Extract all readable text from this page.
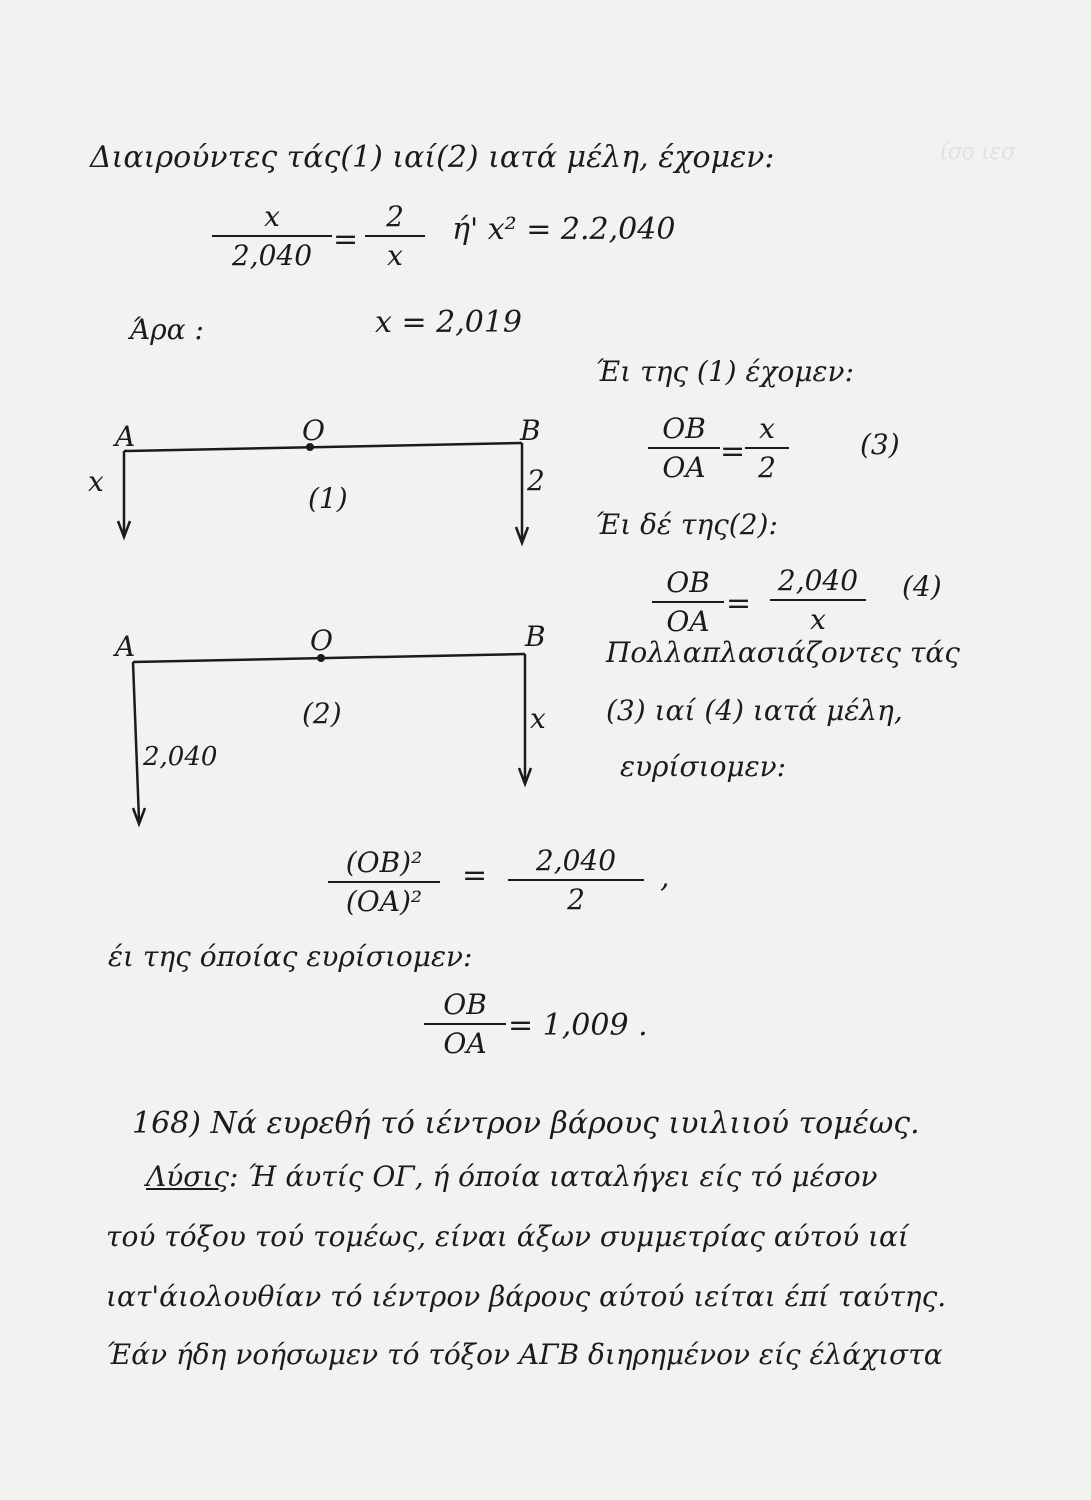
ίσο ιεσ
Διαιρούντες τάς(1) ιαί(2) ιατά μέλη, έχομεν:
$\frac{x}{2,040} = \frac{2}{x} ή'$ x² = 2.2,040
Άρα :	x = 2,019
Έι της (1) έχομεν:
$\frac{OB}{OA} = \frac{x}{2}$	(3)
Έι δέ της(2):
$\frac{OB}{OA} = \frac{2,040}{x} (4)$
Πολλαπλασιάζοντες τάς
(3) ιαί (4) ιατά μέλη,
ευρίσιομεν:
A	O	B
x	2
(1)
A	O	B
x
2,040
(2)
$\frac{\text{(OB)²}}{\text{(OA)²}} = \frac{2,040}{2}$ ,
έι της όποίας ευρίσιομεν:
$\frac{OB}{OA} = 1,009$ .
168) Νά ευρεθή τό ιέντρον βάρους ιυιλιιού τομέως.
Λύσις: Ή άυτίς ΟΓ, ή όποία ιαταλήγει είς τό μέσον
τού τόξου τού τομέως, είναι άξων συμμετρίας αύτού ιαί
ιατ'άιολουθίαν τό ιέντρον βάρους αύτού ιείται έπί ταύτης.
Έάν ήδη νοήσωμεν τό τόξον ΑΓΒ διηρημένον είς έλάχιστα
